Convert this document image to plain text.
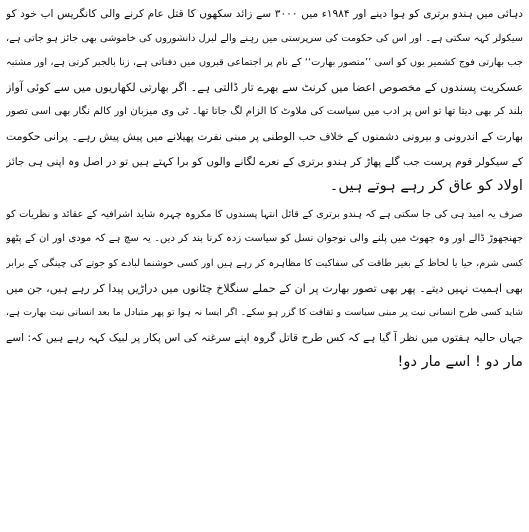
دہائی میں ہندو برتری کو ہوا دینے اور ۱۹۸۴ء میں ۳۰۰۰ سے زائد سکھوں کا قتل عام کرنے والی کانگریس اب خود کو
سیکولر کہہ سکتی ہے۔ اور اس کی حکومت کی سرپرستی میں رہنے والے لبرل دانشوروں کی خاموشی بھی جائز ہو جاتی ہے،
جب بھارتی فوج کشمیر یوں کو اسی ’’متصور بھارت‘‘ کے نام پر اجتماعی قبروں میں دفناتی ہے، زنا بالجبر کرتی ہے، اور مشتبہ
عسکریت پسندوں کے مخصوص اعضا میں کرنٹ سے بھرے تار ڈالتی ہے۔ اگر بھارتی لکھاریوں میں سے کوئی آواز
بلند کر بھی دیتا تھا تو اس پر ادب میں سیاست کی ملاوٹ کا الزام لگ جاتا تھا۔ ٹی وی میزبان اور کالم نگار بھی اسی تصور
بھارت کے اندرونی و بیرونی دشمنوں کے خلاف حب الوطنی پر مبنی نفرت پھیلانے میں پیش پیش رہے۔ پرانی حکومت
کے سیکولر قوم پرست جب گلے پھاڑ کر ہندو برتری کے نعرے لگانے والوں کو برا کہتے ہیں تو در اصل وہ اپنی ہی جائز
اولاد کو عاق کر رہے ہوتے ہیں۔
صرف یہ امید ہی کی جا سکتی ہے کہ ہندو برتری کے قائل انتہا پسندوں کا مکروہ چہرہ شاید اشرافیہ کے عقائد و نظریات کو
جھنجھوڑ ڈالے اور وہ جھوٹ میں پلنے والی نوجوان نسل کو سیاست زدہ کرنا بند کر دیں۔ یہ سچ ہے کہ مودی اور ان کے پٹھو
کسی شرم، حیا یا لحاظ کے بغیر طاقت کی سفاکیت کا مظاہرہ کر رہے ہیں اور کسی خوشنما لبادے کو جوتے کی چینگی کے برابر
بھی اہمیت نہیں دیتے۔ پھر بھی تصور بھارت پر ان کے حملے سنگلاخ چٹانوں میں دراڑیں پیدا کر رہے ہیں، جن میں
شاید کسی طرح انسانی نیت پر مبنی سیاست و ثقافت کا گزر ہو سکے۔ اگر ایسا نہ ہوا تو پھر متبادل ما بعد انسانی نیت بھارت ہے،
جہاں حالیہ ہفتوں میں نظر آ گیا ہے کہ کس طرح قاتل گروہ اپنے سرغنہ کی اس پکار پر لبیک کہہ رہے ہیں کہ: اسے
مار دو ! اسے مار دو!
